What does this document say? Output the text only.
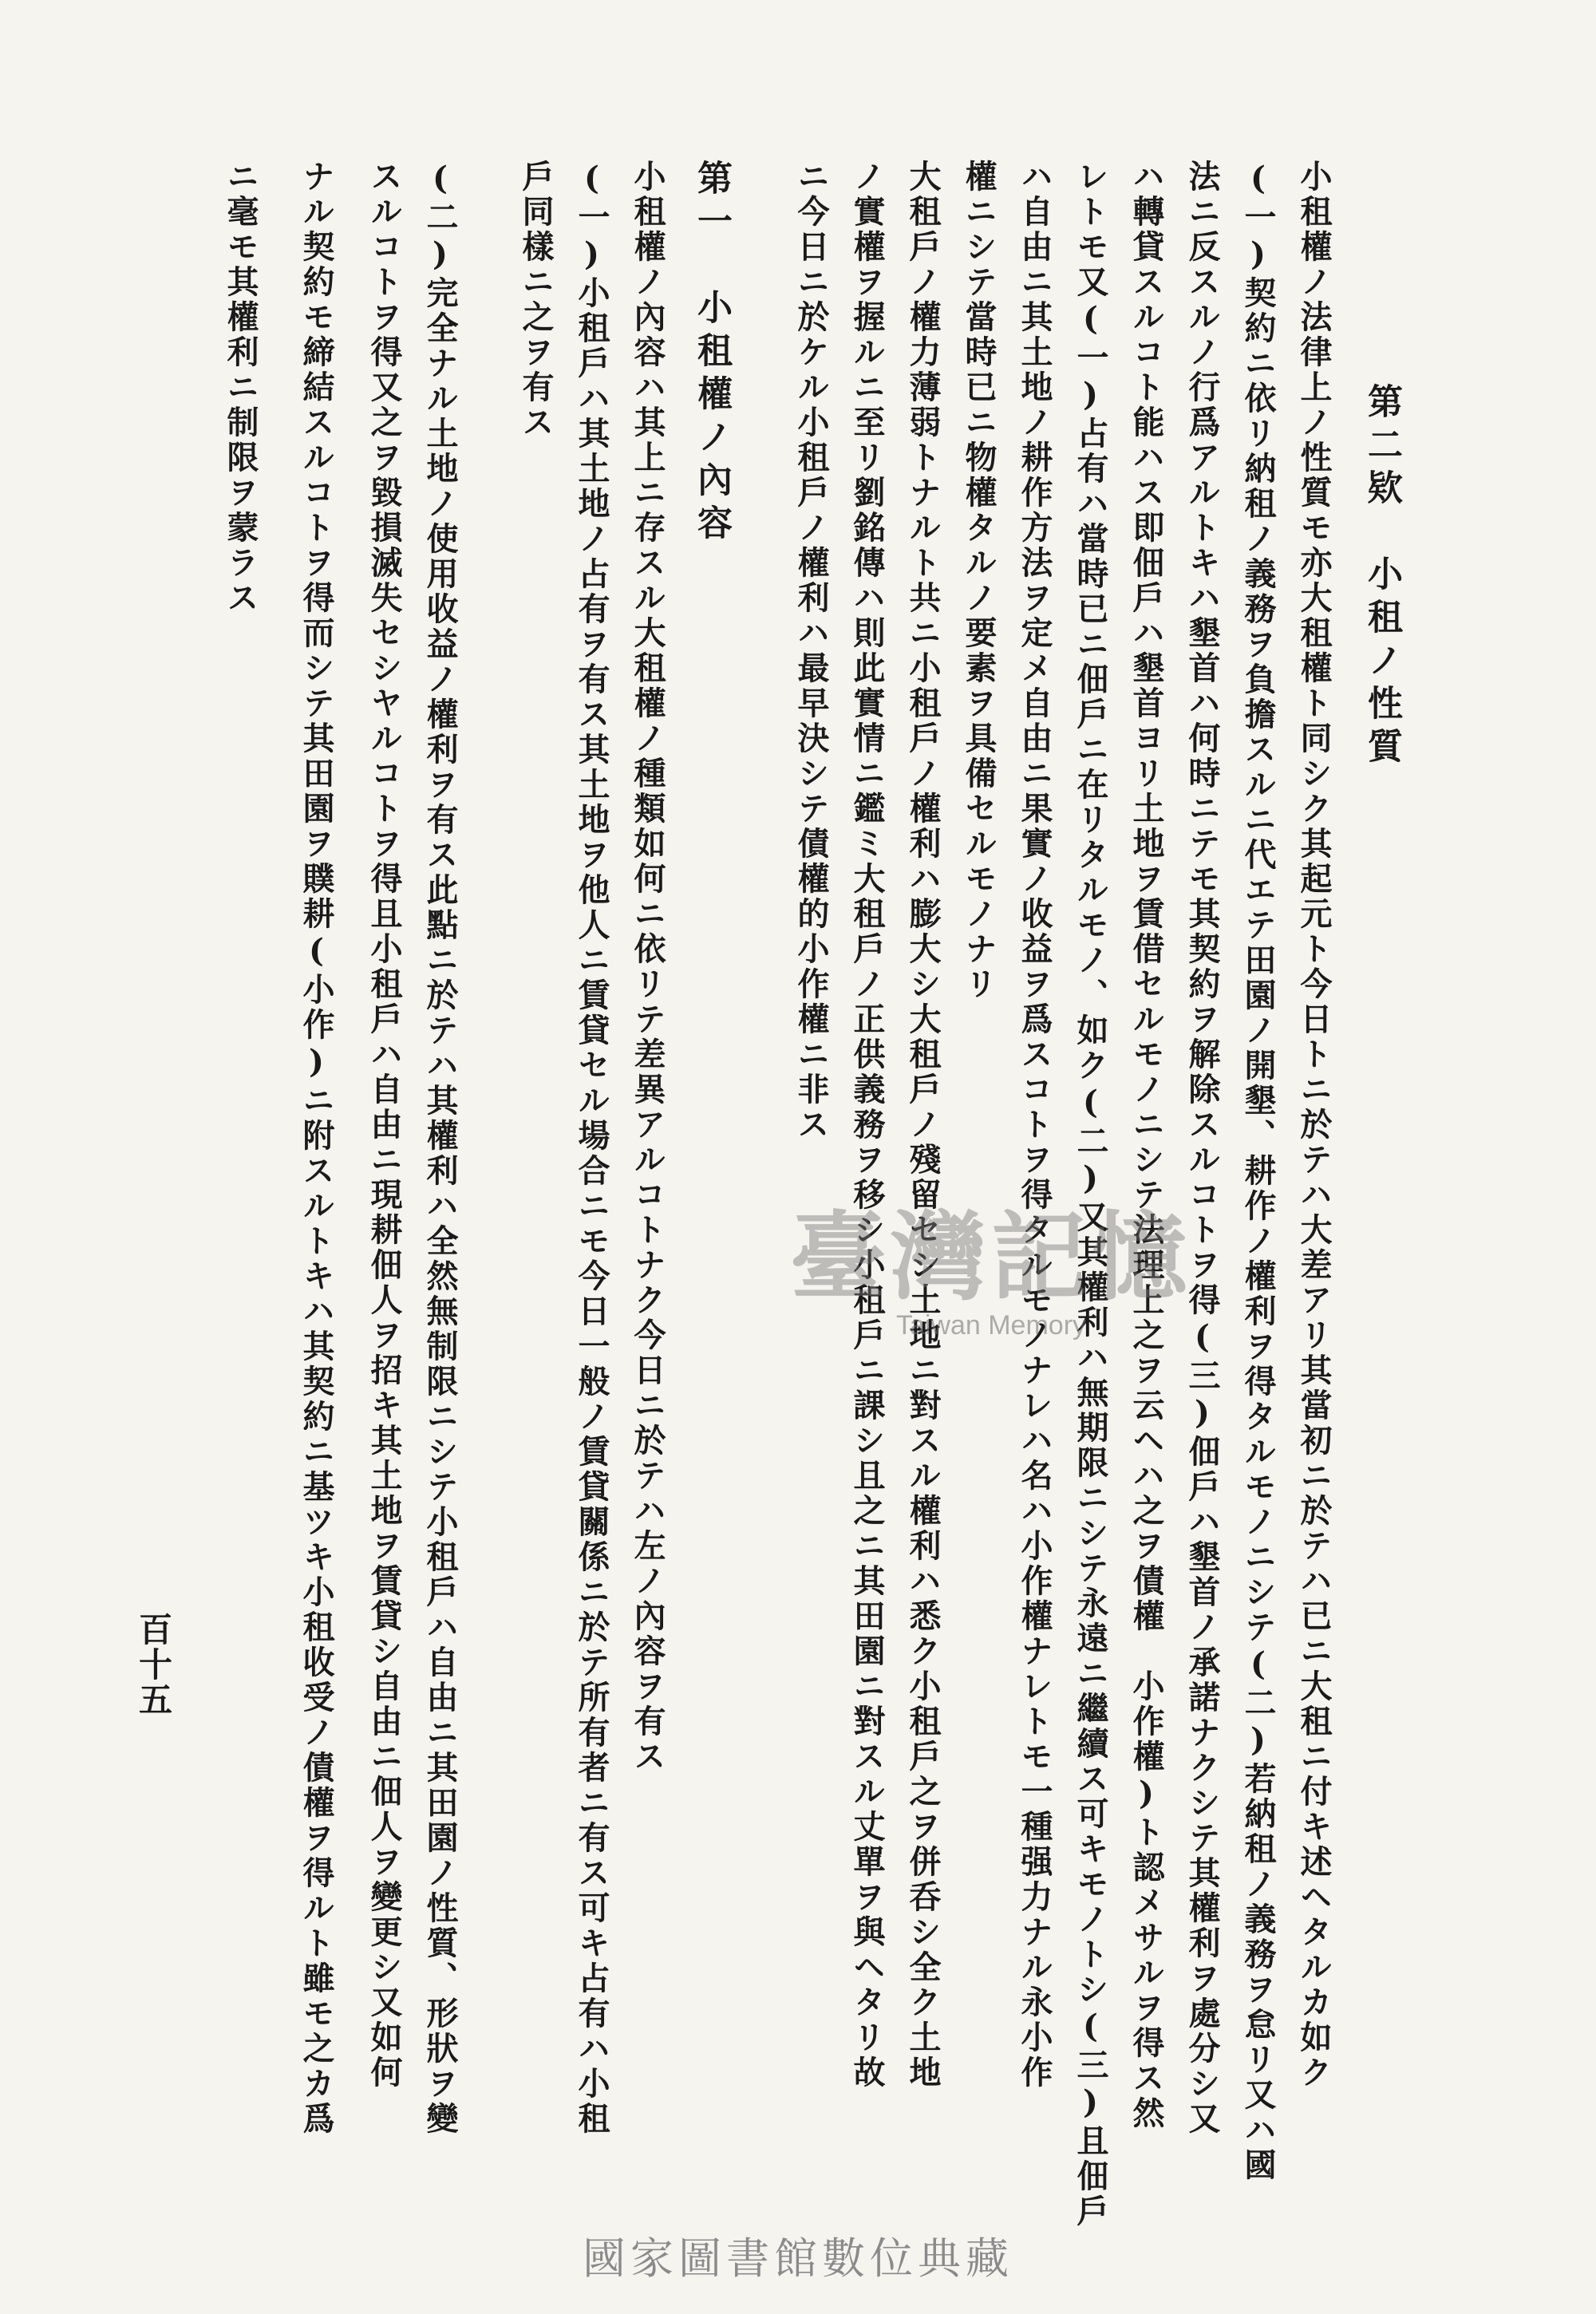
第二欵　小租ノ性質
小租權ノ法律上ノ性質モ亦大租權ト同シク其起元ト今日トニ於テハ大差アリ其當初ニ於テハ已ニ大租ニ付キ述ヘタルカ如ク
(一)契約ニ依リ納租ノ義務ヲ負擔スルニ代エテ田園ノ開墾、耕作ノ權利ヲ得タルモノニシテ(二)若納租ノ義務ヲ怠リ又ハ國
法ニ反スルノ行爲アルトキハ墾首ハ何時ニテモ其契約ヲ解除スルコトヲ得(三)佃戶ハ墾首ノ承諾ナクシテ其權利ヲ處分シ又
ハ轉貸スルコト能ハス即佃戶ハ墾首ヨリ土地ヲ賃借セルモノニシテ法理上之ヲ云ヘハ之ヲ債權　小作權)ト認メサルヲ得ス然
レトモ又(一)占有ハ當時已ニ佃戶ニ在リタルモノ、如ク(二)又其權利ハ無期限ニシテ永遠ニ繼續ス可キモノトシ(三)且佃戶
ハ自由ニ其土地ノ耕作方法ヲ定メ自由ニ果實ノ收益ヲ爲スコトヲ得タルモノナレハ名ハ小作權ナレトモ一種强力ナル永小作
權ニシテ當時已ニ物權タルノ要素ヲ具備セルモノナリ
大租戶ノ權力薄弱トナルト共ニ小租戶ノ權利ハ膨大シ大租戶ノ殘留セシ土地ニ對スル權利ハ悉ク小租戶之ヲ併呑シ全ク土地
ノ實權ヲ握ルニ至リ劉銘傳ハ則此實情ニ鑑ミ大租戶ノ正供義務ヲ移シ小租戶ニ課シ且之ニ其田園ニ對スル丈單ヲ與ヘタリ故
ニ今日ニ於ケル小租戶ノ權利ハ最早決シテ債權的小作權ニ非ス
第一　小租權ノ內容
小租權ノ內容ハ其上ニ存スル大租權ノ種類如何ニ依リテ差異アルコトナク今日ニ於テハ左ノ內容ヲ有ス
(一)小租戶ハ其土地ノ占有ヲ有ス其土地ヲ他人ニ賃貸セル場合ニモ今日一般ノ賃貸關係ニ於テ所有者ニ有ス可キ占有ハ小租
戶同樣ニ之ヲ有ス
(二)完全ナル土地ノ使用收益ノ權利ヲ有ス此點ニ於テハ其權利ハ全然無制限ニシテ小租戶ハ自由ニ其田園ノ性質、形狀ヲ變
スルコトヲ得又之ヲ毀損滅失セシヤルコトヲ得且小租戶ハ自由ニ現耕佃人ヲ招キ其土地ヲ賃貸シ自由ニ佃人ヲ變更シ又如何
ナル契約モ締結スルコトヲ得而シテ其田園ヲ贌耕(小作)ニ附スルトキハ其契約ニ基ツキ小租收受ノ債權ヲ得ルト雖モ之カ爲
ニ毫モ其權利ニ制限ヲ蒙ラス
百十五
臺灣記憶
Taiwan Memory
國家圖書館數位典藏
